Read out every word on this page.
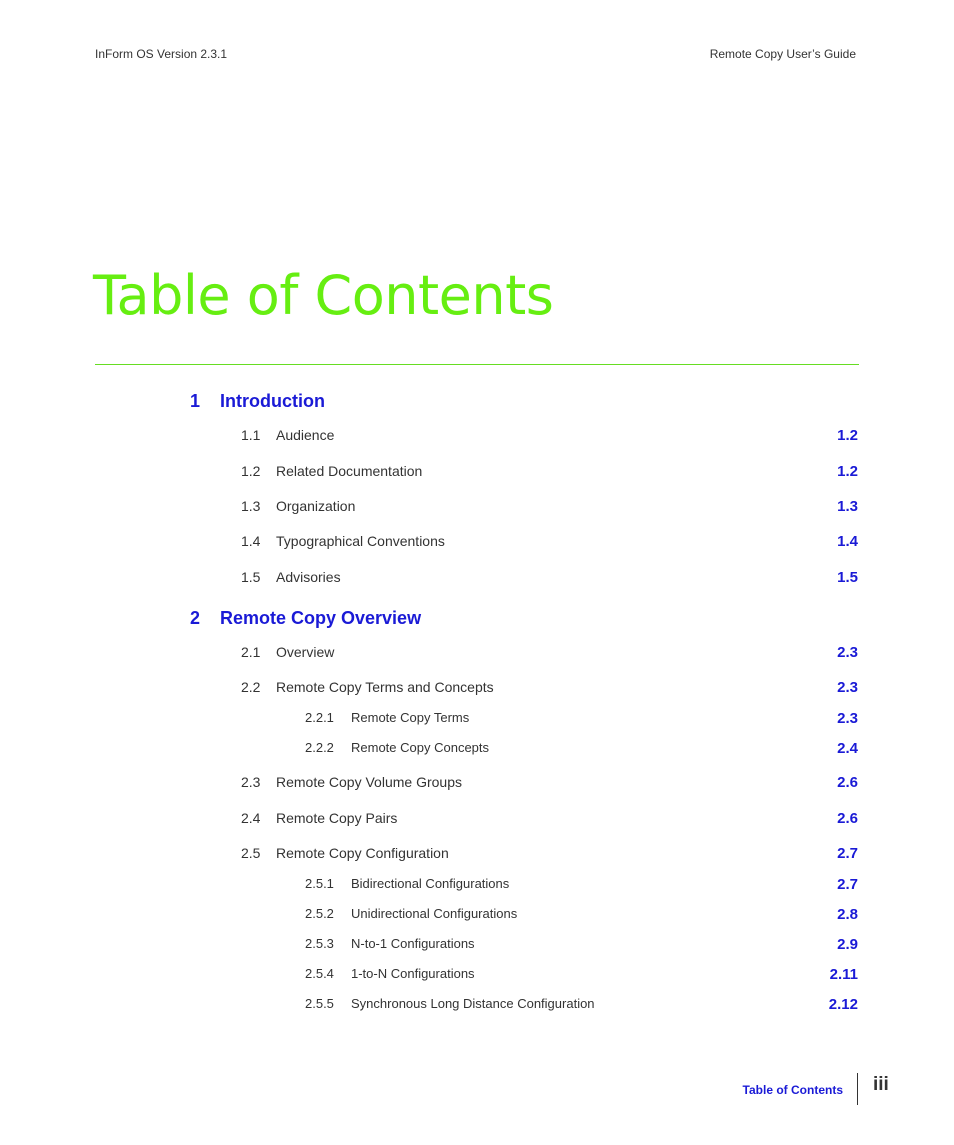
InForm OS Version 2.3.1	Remote Copy User’s Guide
Table of Contents
1 Introduction
1.1 Audience	1.2
1.2 Related Documentation	1.2
1.3 Organization	1.3
1.4 Typographical Conventions	1.4
1.5 Advisories	1.5
2 Remote Copy Overview
2.1 Overview	2.3
2.2 Remote Copy Terms and Concepts	2.3
2.2.1 Remote Copy Terms	2.3
2.2.2 Remote Copy Concepts	2.4
2.3 Remote Copy Volume Groups	2.6
2.4 Remote Copy Pairs	2.6
2.5 Remote Copy Configuration	2.7
2.5.1 Bidirectional Configurations	2.7
2.5.2 Unidirectional Configurations	2.8
2.5.3 N-to-1 Configurations	2.9
2.5.4 1-to-N Configurations	2.11
2.5.5 Synchronous Long Distance Configuration	2.12
Table of Contents iii
